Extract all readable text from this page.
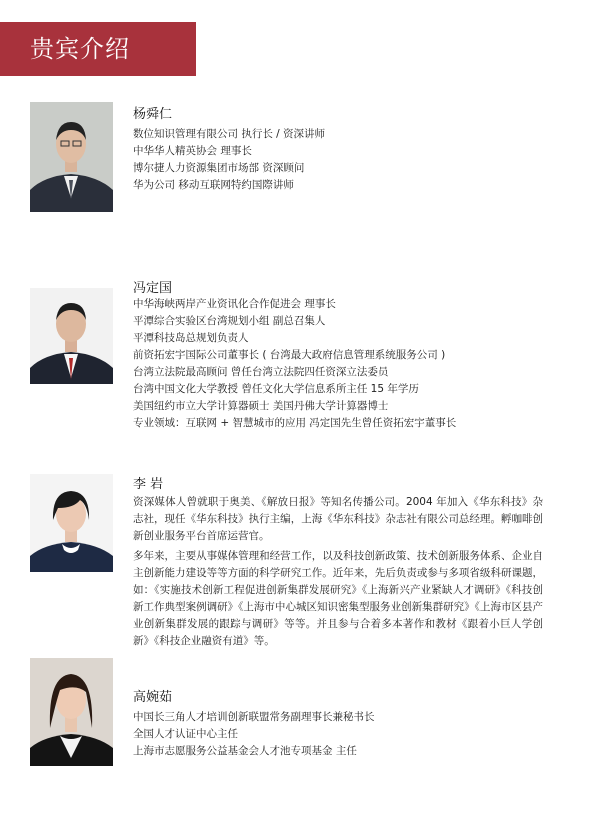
贵宾介绍
杨舜仁
数位知识管理有限公司 执行长 / 资深讲师
中华华人精英协会 理事长
博尔捷人力资源集团市场部 资深顾问
华为公司 移动互联网特约国際讲师
冯定国
中华海峡两岸产业资讯化合作促进会 理事长
平潭综合实验区台湾规划小组 副总召集人
平潭科技岛总规划负责人
前资拓宏宇国际公司董事长 ( 台湾最大政府信息管理系统服务公司 )
台湾立法院最高顾问 曾任台湾立法院四任资深立法委员
台湾中国文化大学教授 曾任文化大学信息系所主任 15 年学历
美国纽约市立大学计算器硕士 美国丹佛大学计算器博士
专业领域：互联网 + 智慧城市的应用 冯定国先生曾任资拓宏宇董事长
李 岩

资深媒体人曾就职于奥美、《解放日报》等知名传播公司。2004 年加入《华东科技》杂志社，现任《华东科技》执行主编，上海《华东科技》杂志社有限公司总经理。孵咖啡创新创业服务平台首席运营官。

多年来，主要从事媒体管理和经营工作，以及科技创新政策、技术创新服务体系、企业自主创新能力建设等等方面的科学研究工作。近年来，先后负责或参与多项省级科研课题，如：《实施技术创新工程促进创新集群发展研究》《上海新兴产业紧缺人才调研》《科技创新工作典型案例调研》《上海市中心城区知识密集型服务业创新集群研究》《上海市区县产业创新集群发展的跟踪与调研》等等。并且参与合着多本著作和教材《跟着小巨人学创新》《科技企业融资有道》等。

高婉茹
中国长三角人才培训创新联盟常务副理事长兼秘书长
全国人才认证中心主任
上海市志愿服务公益基金会人才池专项基金 主任
